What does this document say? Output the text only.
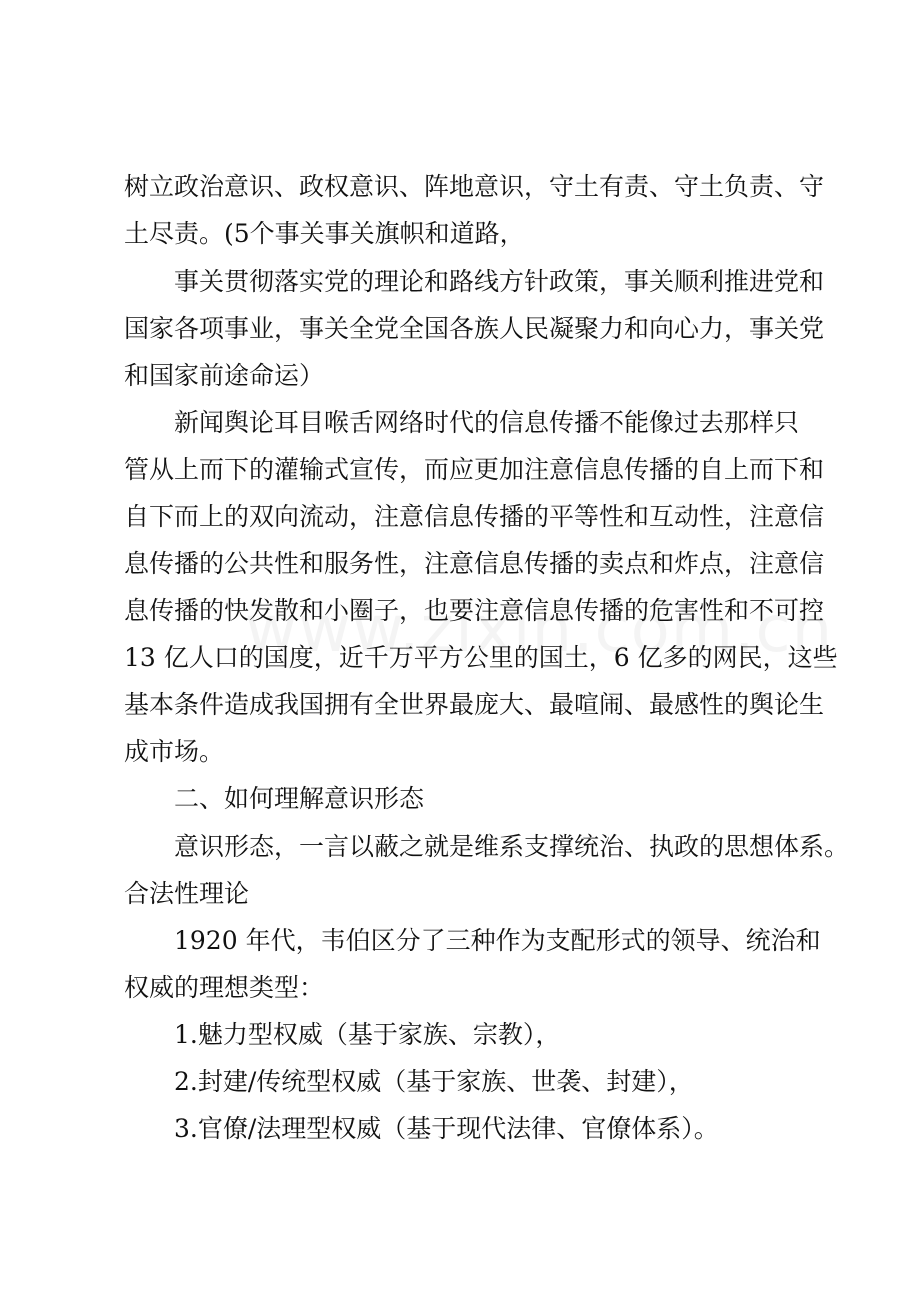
树立政治意识、政权意识、阵地意识，守土有责、守土负责、守
土尽责。(5个事关事关旗帜和道路，
事关贯彻落实党的理论和路线方针政策，事关顺利推进党和
国家各项事业，事关全党全国各族人民凝聚力和向心力，事关党
和国家前途命运）
新闻舆论耳目喉舌网络时代的信息传播不能像过去那样只
管从上而下的灌输式宣传，而应更加注意信息传播的自上而下和
自下而上的双向流动，注意信息传播的平等性和互动性，注意信
息传播的公共性和服务性，注意信息传播的卖点和炸点，注意信
息传播的快发散和小圈子，也要注意信息传播的危害性和不可控
13 亿人口的国度，近千万平方公里的国土，6 亿多的网民，这些
基本条件造成我国拥有全世界最庞大、最喧闹、最感性的舆论生
成市场。
二、如何理解意识形态
意识形态，一言以蔽之就是维系支撑统治、执政的思想体系。
合法性理论
1920 年代，韦伯区分了三种作为支配形式的领导、统治和
权威的理想类型：
1.魅力型权威（基于家族、宗教），
2.封建/传统型权威（基于家族、世袭、封建），
3.官僚/法理型权威（基于现代法律、官僚体系）。
